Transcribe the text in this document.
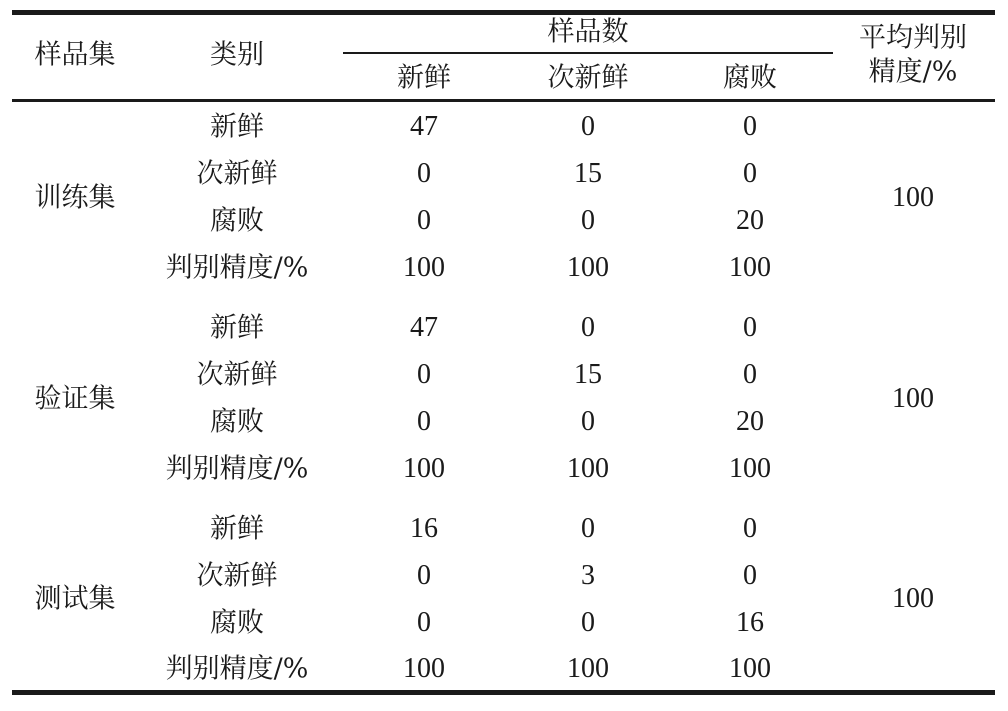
样品集	类别
样品数
新鲜	次新鲜	腐败
平均判别
精度/%
训练集	100
新鲜	47	0	0
次新鲜	0	15	0
腐败	0	0	20
判别精度/%	100	100	100
验证集	100
新鲜	47	0	0
次新鲜	0	15	0
腐败	0	0	20
判别精度/%	100	100	100
测试集	100
新鲜	16	0	0
次新鲜	0	3	0
腐败	0	0	16
判别精度/%	100	100	100
